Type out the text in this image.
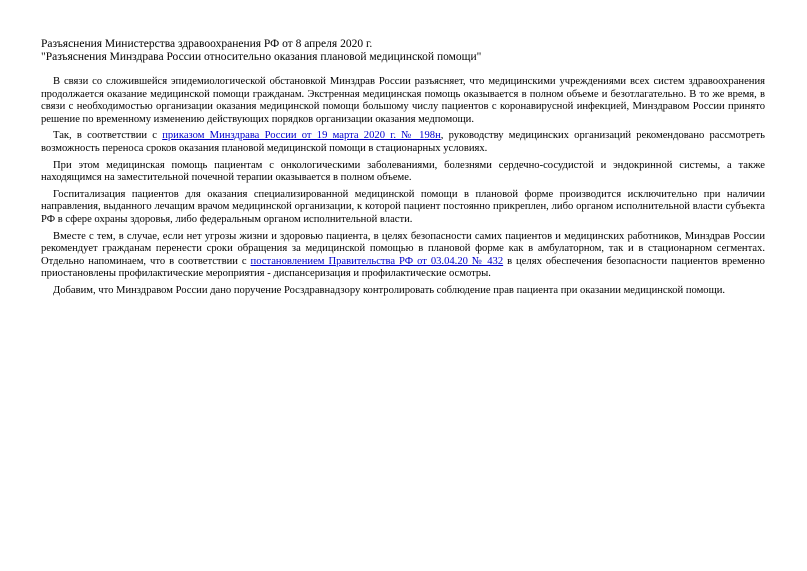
Разъяснения Министерства здравоохранения РФ от 8 апреля 2020 г.
"Разъяснения Минздрава России относительно оказания плановой медицинской помощи"

В связи со сложившейся эпидемиологической обстановкой Минздрав России разъясняет, что медицинскими учреждениями всех систем здравоохранения продолжается оказание медицинской помощи гражданам. Экстренная медицинская помощь оказывается в полном объеме и безотлагательно. В то же время, в связи с необходимостью организации оказания медицинской помощи большому числу пациентов с коронавирусной инфекцией, Минздравом России принято решение по временному изменению действующих порядков организации оказания медпомощи.

Так, в соответствии с приказом Минздрава России от 19 марта 2020 г. № 198н, руководству медицинских организаций рекомендовано рассмотреть возможность переноса сроков оказания плановой медицинской помощи в стационарных условиях.

При этом медицинская помощь пациентам с онкологическими заболеваниями, болезнями сердечно-сосудистой и эндокринной системы, а также находящимся на заместительной почечной терапии оказывается в полном объеме.

Госпитализация пациентов для оказания специализированной медицинской помощи в плановой форме производится исключительно при наличии направления, выданного лечащим врачом медицинской организации, к которой пациент постоянно прикреплен, либо органом исполнительной власти субъекта РФ в сфере охраны здоровья, либо федеральным органом исполнительной власти.

Вместе с тем, в случае, если нет угрозы жизни и здоровью пациента, в целях безопасности самих пациентов и медицинских работников, Минздрав России рекомендует гражданам перенести сроки обращения за медицинской помощью в плановой форме как в амбулаторном, так и в стационарном сегментах. Отдельно напоминаем, что в соответствии с постановлением Правительства РФ от 03.04.20 № 432 в целях обеспечения безопасности пациентов временно приостановлены профилактические мероприятия - диспансеризация и профилактические осмотры.

Добавим, что Минздравом России дано поручение Росздравнадзору контролировать соблюдение прав пациента при оказании медицинской помощи.
